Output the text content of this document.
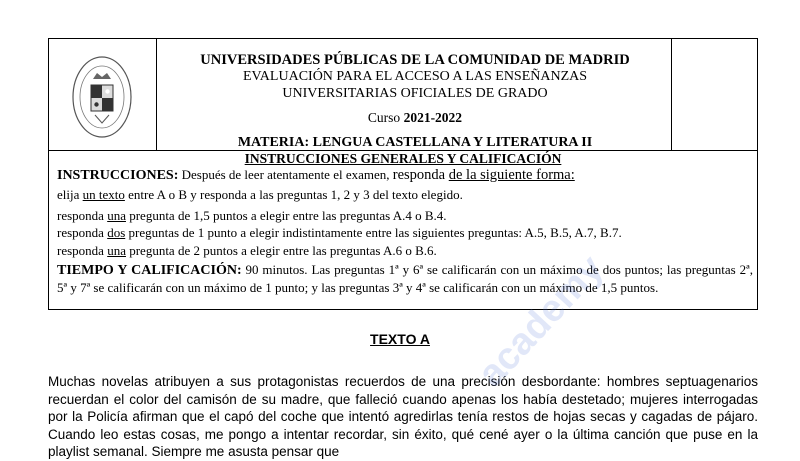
UNIVERSIDADES PÚBLICAS DE LA COMUNIDAD DE MADRID
EVALUACIÓN PARA EL ACCESO A LAS ENSEÑANZAS
UNIVERSITARIAS OFICIALES DE GRADO
Curso 2021-2022
MATERIA: LENGUA CASTELLANA Y LITERATURA II
INSTRUCCIONES GENERALES Y CALIFICACIÓN
INSTRUCCIONES: Después de leer atentamente el examen, responda de la siguiente forma:
elija un texto entre A o B y responda a las preguntas 1, 2 y 3 del texto elegido.
responda una pregunta de 1,5 puntos a elegir entre las preguntas A.4 o B.4.
responda dos preguntas de 1 punto a elegir indistintamente entre las siguientes preguntas: A.5, B.5, A.7, B.7.
responda una pregunta de 2 puntos a elegir entre las preguntas A.6 o B.6.
TIEMPO Y CALIFICACIÓN: 90 minutos. Las preguntas 1ª y 6ª se calificarán con un máximo de dos puntos; las preguntas 2ª, 5ª y 7ª se calificarán con un máximo de 1 punto; y las preguntas 3ª y 4ª se calificarán con un máximo de 1,5 puntos.
TEXTO A
Muchas novelas atribuyen a sus protagonistas recuerdos de una precisión desbordante: hombres septuagenarios recuerdan el color del camisón de su madre, que falleció cuando apenas los había destetado; mujeres interrogadas por la Policía afirman que el capó del coche que intentó agredirlas tenía restos de hojas secas y cagadas de pájaro. Cuando leo estas cosas, me pongo a intentar recordar, sin éxito, qué cené ayer o la última canción que puse en la playlist semanal. Siempre me asusta pensar que
academy
